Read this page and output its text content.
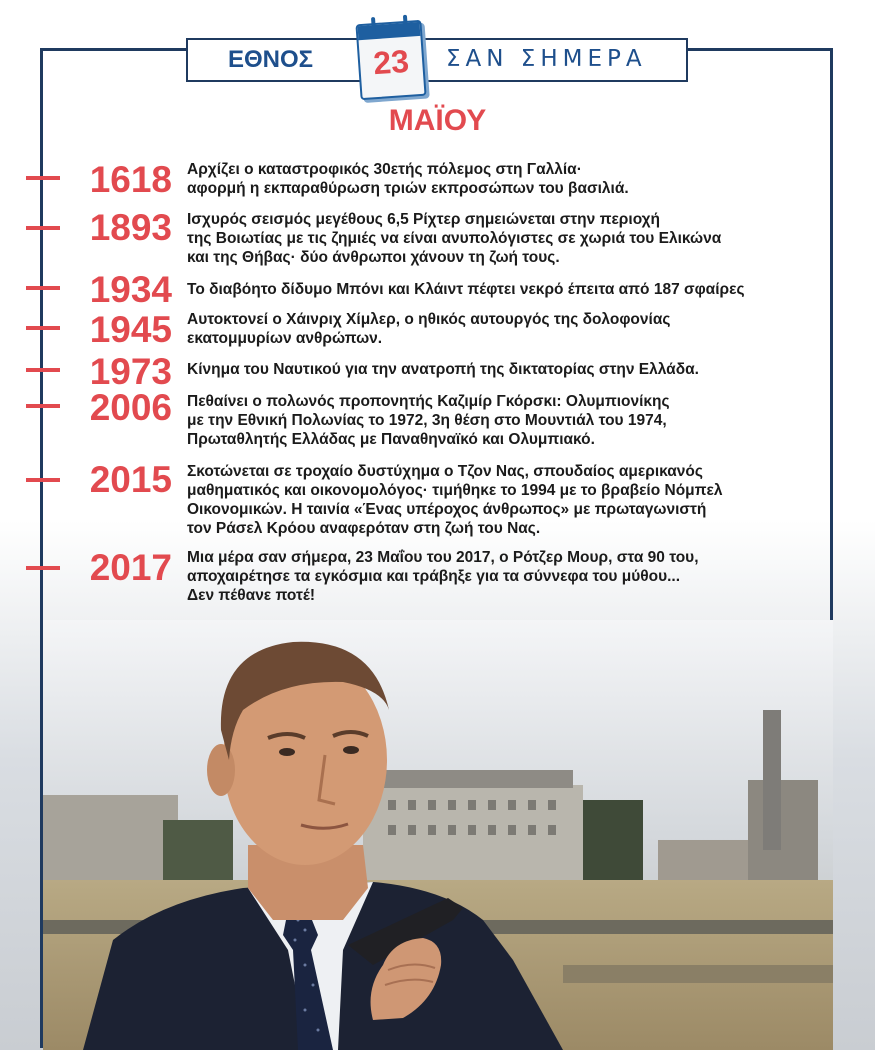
ΕΘΝΟΣ	ΣΑΝ ΣΗΜΕΡΑ
23
ΜΑΪΟΥ
1618 Αρχίζει ο καταστροφικός 30ετής πόλεμος στη Γαλλία·
αφορμή η εκπαραθύρωση τριών εκπροσώπων του βασιλιά.
1893 Ισχυρός σεισμός μεγέθους 6,5 Ρίχτερ σημειώνεται στην περιοχή
της Βοιωτίας με τις ζημιές να είναι ανυπολόγιστες σε χωριά του Ελικώνα
και της Θήβας· δύο άνθρωποι χάνουν τη ζωή τους.
1934 Το διαβόητο δίδυμο Μπόνι και Κλάιντ πέφτει νεκρό έπειτα από 187 σφαίρες
1945 Αυτοκτονεί ο Χάινριχ Χίμλερ, ο ηθικός αυτουργός της δολοφονίας
εκατομμυρίων ανθρώπων.
1973 Κίνημα του Ναυτικού για την ανατροπή της δικτατορίας στην Ελλάδα.
2006 Πεθαίνει ο πολωνός προπονητής Καζιμίρ Γκόρσκι: Ολυμπιονίκης
με την Εθνική Πολωνίας το 1972, 3η θέση στο Μουντιάλ του 1974,
Πρωταθλητής Ελλάδας με Παναθηναϊκό και Ολυμπιακό.
2015 Σκοτώνεται σε τροχαίο δυστύχημα ο Τζον Νας, σπουδαίος αμερικανός
μαθηματικός και οικονομολόγος· τιμήθηκε το 1994 με το βραβείο Νόμπελ
Οικονομικών. Η ταινία «Ένας υπέροχος άνθρωπος» με πρωταγωνιστή
τον Ράσελ Κρόου αναφερόταν στη ζωή του Νας.
2017 Μια μέρα σαν σήμερα, 23 Μαΐου του 2017, ο Ρότζερ Μουρ, στα 90 του,
αποχαιρέτησε τα εγκόσμια και τράβηξε για τα σύννεφα του μύθου...
Δεν πέθανε ποτέ!
